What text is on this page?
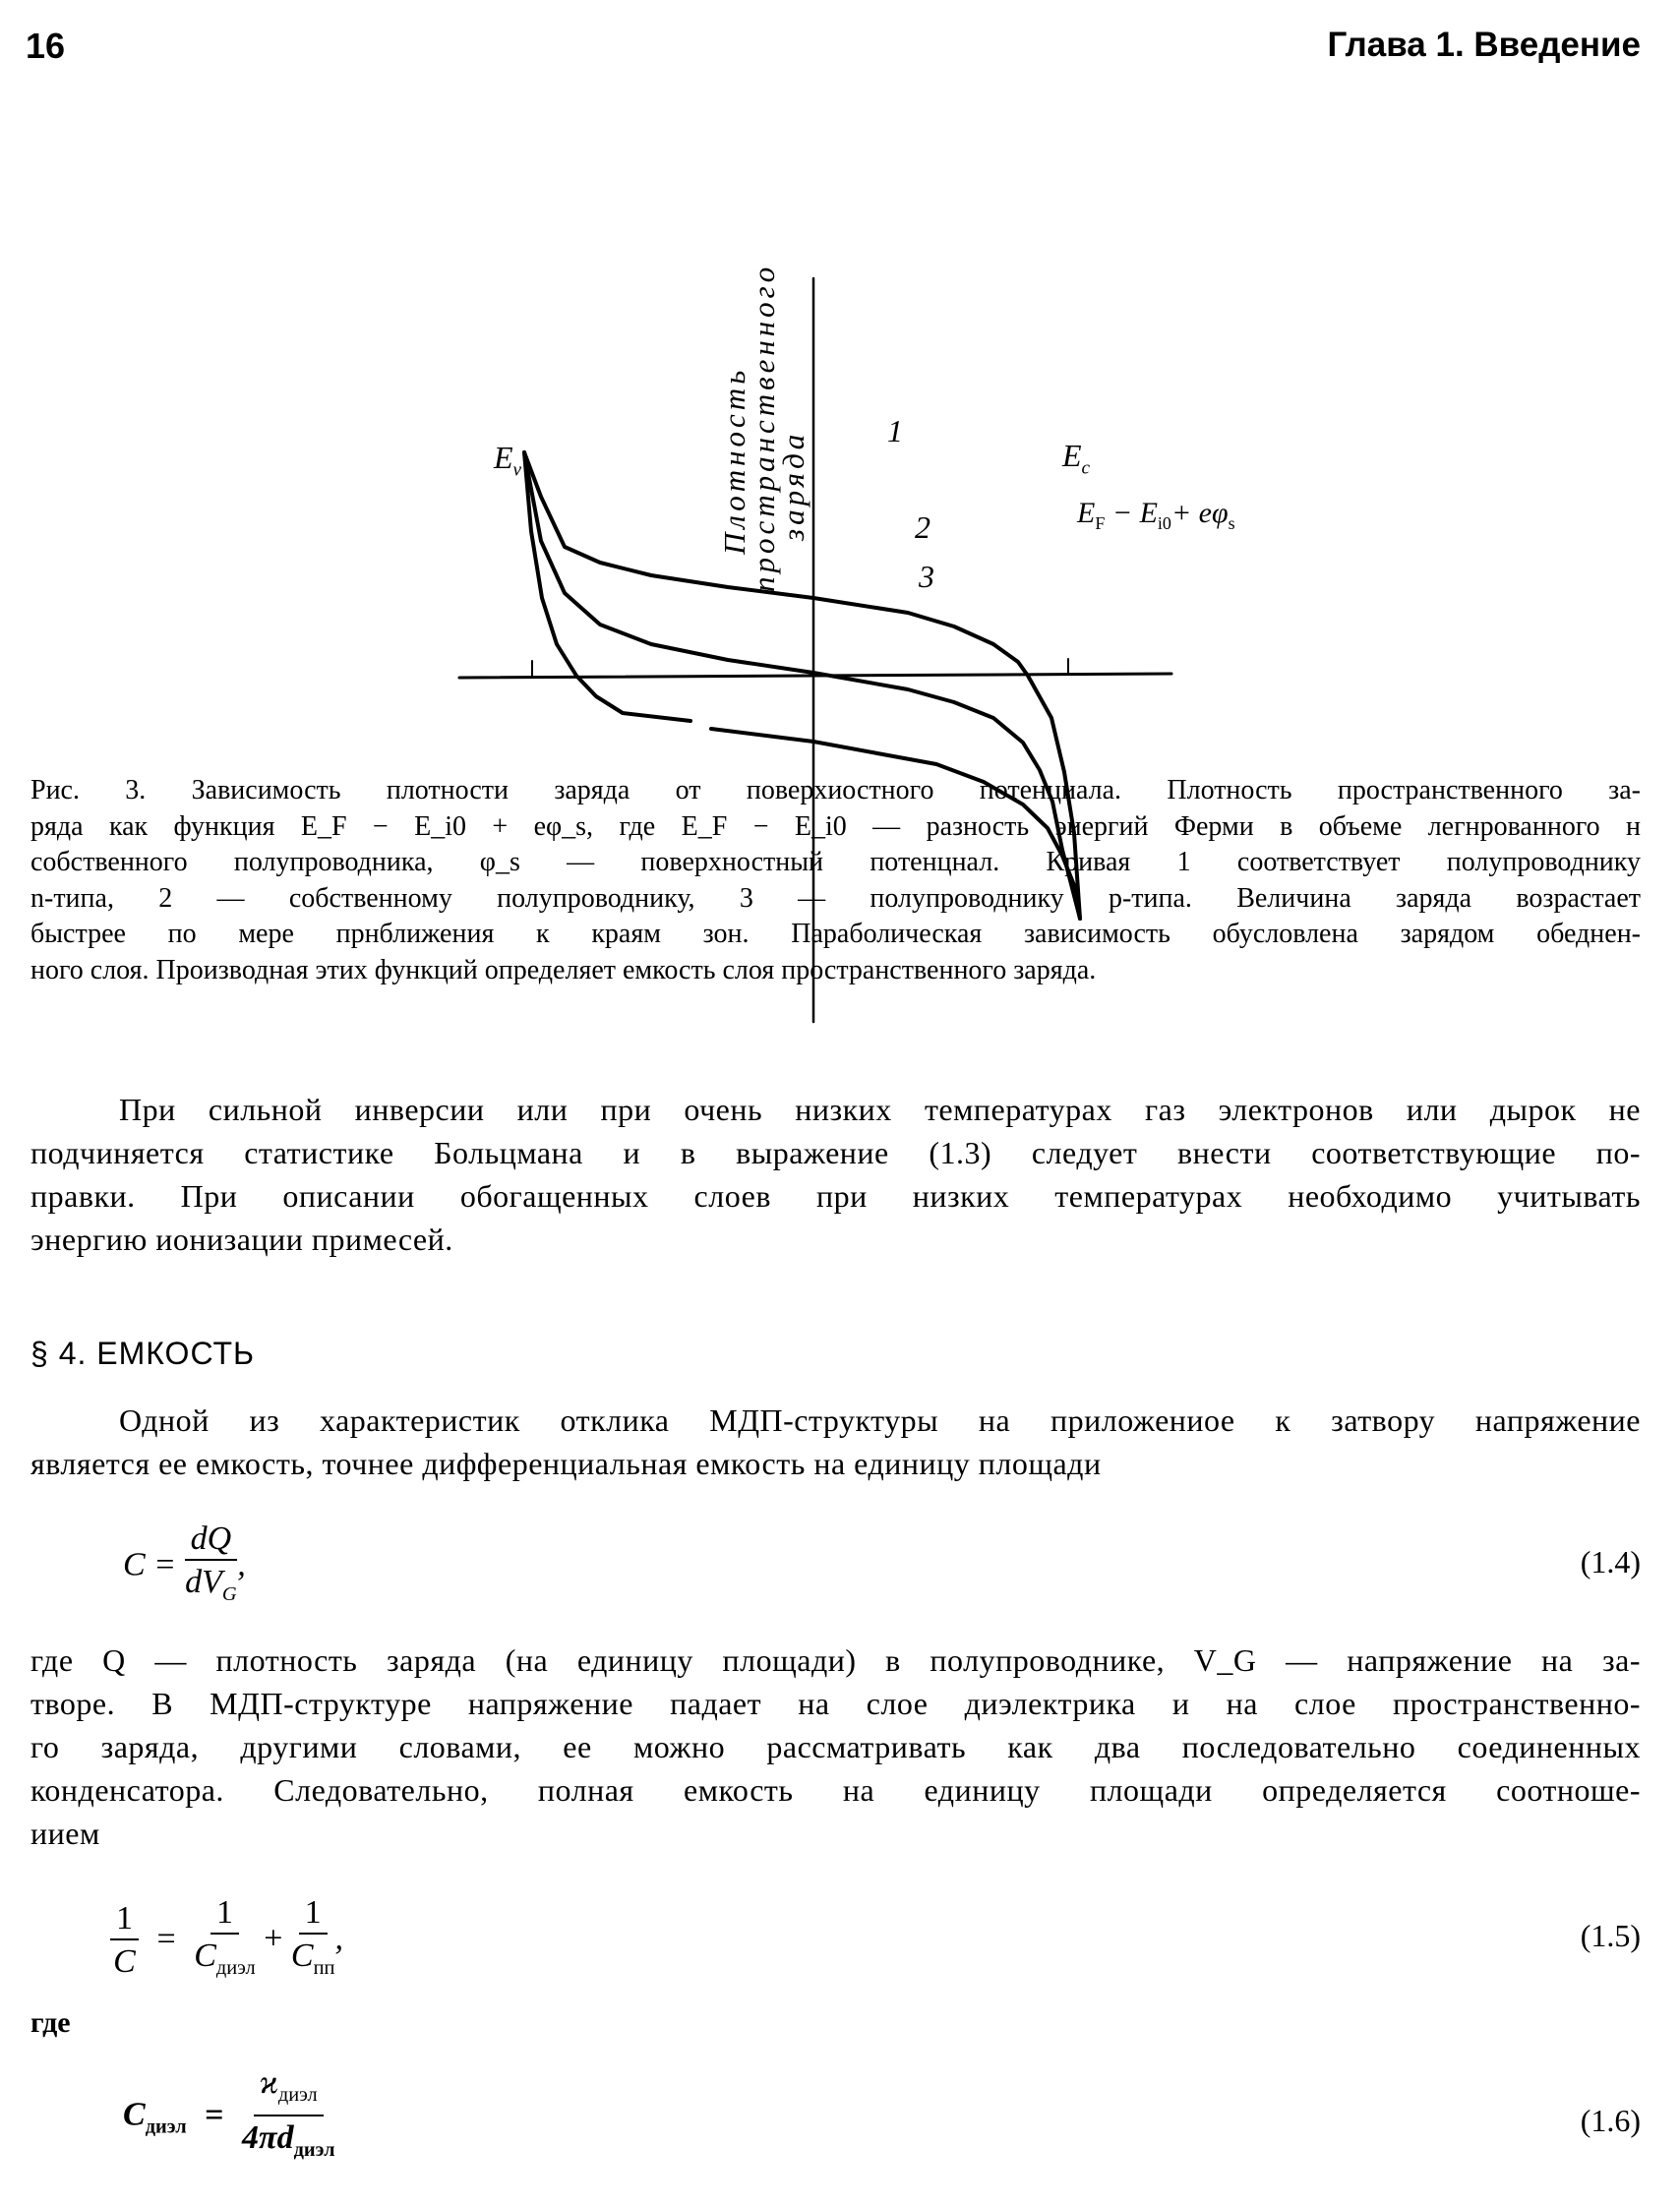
16	Глава 1. Введение
Плотность
пространственного
заряда
$E_v$	$E_c$
$E_F - E_{i0}+ e\varphi_s$
1
2
3
Рис. 3. Зависимость плотности заряда от поверхиостного потенциала. Плотность пространственного за-
ряда как функция E_F − E_i0 + eφ_s, где E_F − E_i0 — разность эиергий Ферми в объеме легнрованного н
собственного полупроводника, φ_s — поверхностный потенцнал. Кривая 1 соответствует полупроводнику
n-типа, 2 — собственному полупроводнику, 3 — полупроводнику p-типа. Величина заряда возрастает
быстрее по мере прнближения к краям зон. Параболическая зависимость обусловлена зарядом обеднен-
ного слоя. Производная этих функций определяет емкость слоя пространственного заряда.
При сильной инверсии или при очень низких температурах газ электронов или дырок не
подчиняется статистике Больцмана и в выражение (1.3) следует внести соответствующие по-
правки. При описании обогащенных слоев при низких температурах необходимо учитывать
энергию ионизации примесей.
§ 4. ЕМКОСТЬ
Одной из характеристик отклика МДП-структуры на приложениое к затвору напряжение
является ее емкость, точнее дифференциальная емкость на единицу площади
$C = \frac{dQ}{dV_G}$ ,	(1.4)
где Q — плотность заряда (на единицу площади) в полупроводнике, V_G — напряжение на за-
творе. В МДП-структуре напряжение падает на слое диэлектрика и на слое пространственно-
го заряда, другими словами, ее можно рассматривать как два последовательно соединенных
конденсатора. Следовательно, полная емкость на единицу площади определяется соотноше-
иием
$\frac{1}{C} = \frac{1}{C_{диэл}} + \frac{1}{C_{пп}}$ ,	(1.5)
где
$C_{диэл} = \frac{ϰ_{диэл}}{4\pi d_{диэл}}$	(1.6)
